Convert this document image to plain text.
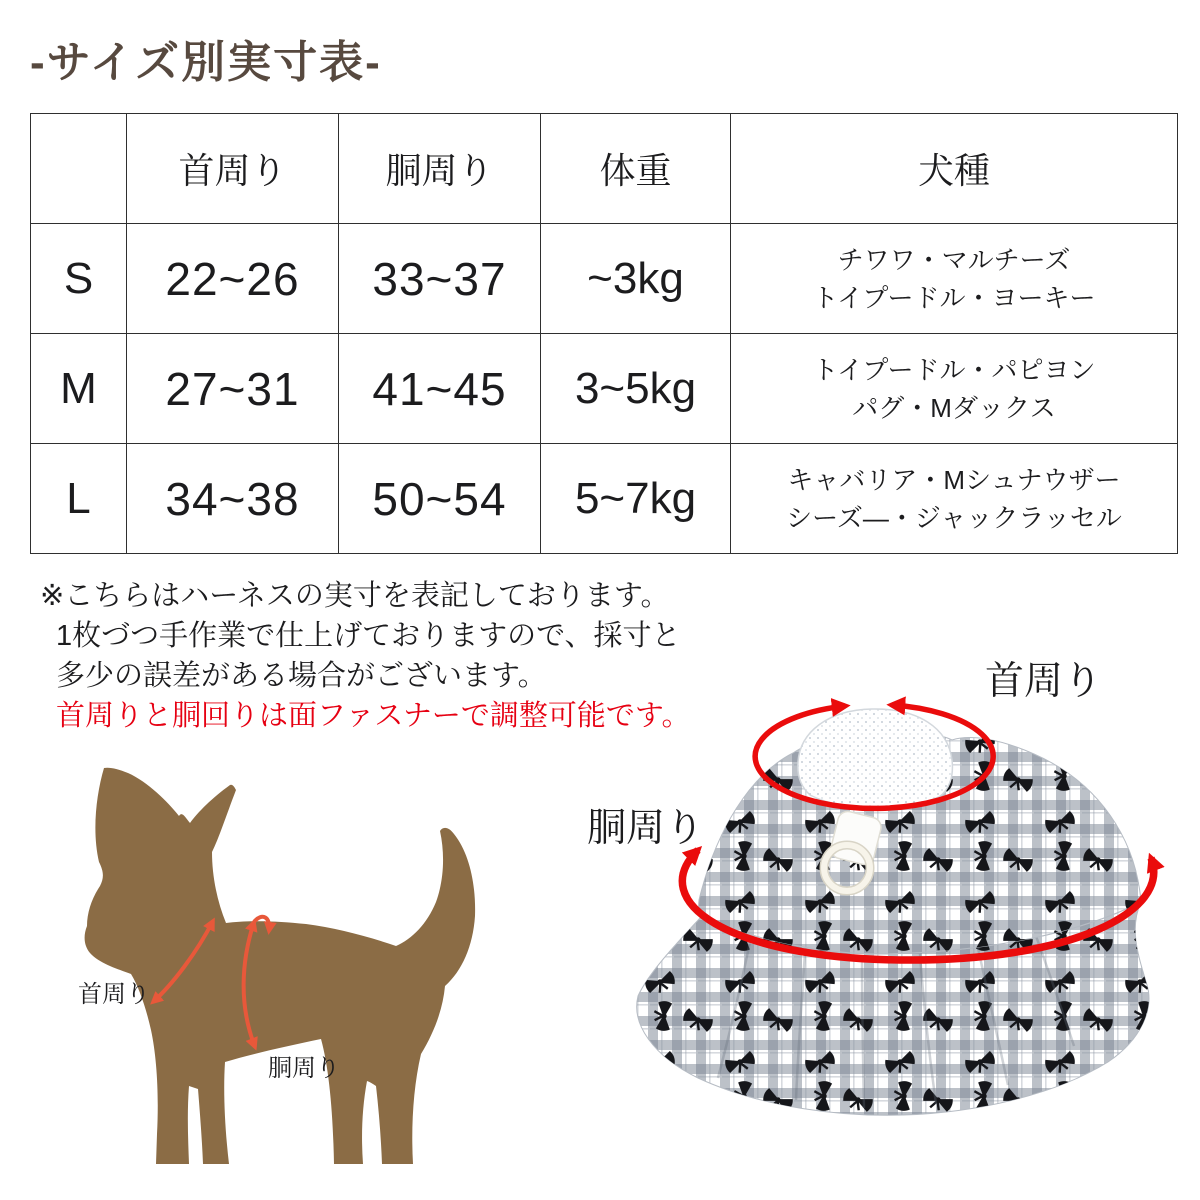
-サイズ別実寸表-
	首周り	胴周り	体重	犬種
S	22~26	33~37	~3kg	チワワ・マルチーズ
トイプードル・ヨーキー

M	27~31	41~45	3~5kg	トイプードル・パピヨン
パグ・Mダックス

L	34~38	50~54	5~7kg	キャバリア・Mシュナウザー
シーズ―・ジャックラッセル
※こちらはハーネスの実寸を表記しております。
1枚づつ手作業で仕上げておりますので、採寸と
多少の誤差がある場合がございます。
首周りと胴回りは面ファスナーで調整可能です。
首周り
胴周り
首周り
胴周り
